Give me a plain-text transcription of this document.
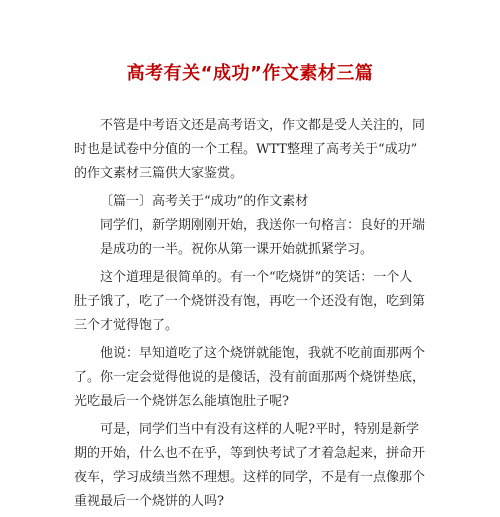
高考有关“成功”作文素材三篇
不管是中考语文还是高考语文，作文都是受人关注的，同
时也是试卷中分值的一个工程。WTT整理了高考关于“成功”
的作文素材三篇供大家鉴赏。
〔篇一〕高考关于“成功”的作文素材
同学们，新学期刚刚开始，我送你一句格言：良好的开端
是成功的一半。祝你从第一课开始就抓紧学习。
这个道理是很简单的。有一个“吃烧饼”的笑话：一个人
肚子饿了，吃了一个烧饼没有饱，再吃一个还没有饱，吃到第
三个才觉得饱了。
他说：早知道吃了这个烧饼就能饱，我就不吃前面那两个
了。你一定会觉得他说的是傻话，没有前面那两个烧饼垫底，
光吃最后一个烧饼怎么能填饱肚子呢?
可是，同学们当中有没有这样的人呢?平时，特别是新学
期的开始，什么也不在乎，等到快考试了才着急起来，拼命开
夜车，学习成绩当然不理想。这样的同学，不是有一点像那个
重视最后一个烧饼的人吗?
